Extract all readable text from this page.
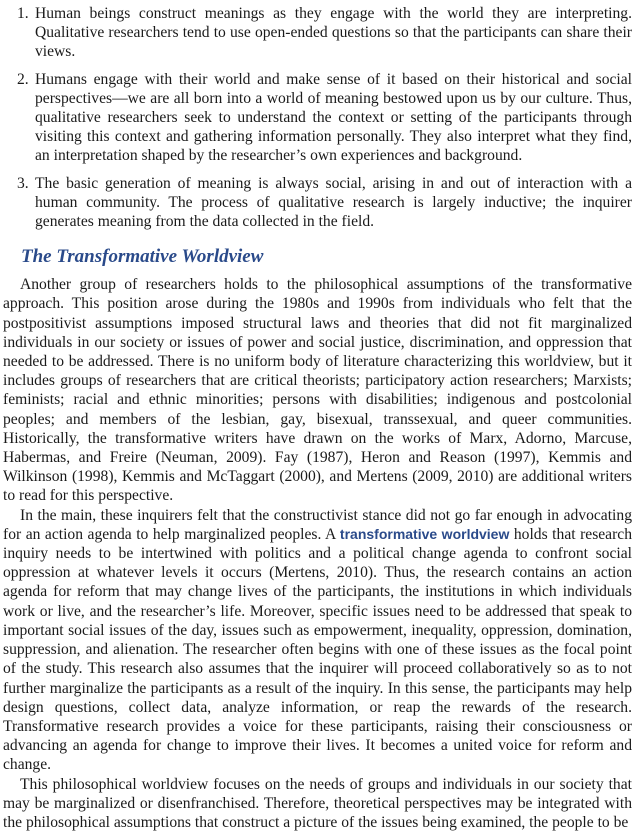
1. Human beings construct meanings as they engage with the world they are interpreting. Qualitative researchers tend to use open-ended questions so that the participants can share their views.
2. Humans engage with their world and make sense of it based on their historical and social perspectives—we are all born into a world of meaning bestowed upon us by our culture. Thus, qualitative researchers seek to understand the context or setting of the participants through visiting this context and gathering information personally. They also interpret what they find, an interpretation shaped by the researcher’s own experiences and background.
3. The basic generation of meaning is always social, arising in and out of interaction with a human community. The process of qualitative research is largely inductive; the inquirer generates meaning from the data collected in the field.
The Transformative Worldview

Another group of researchers holds to the philosophical assumptions of the transformative approach. This position arose during the 1980s and 1990s from individuals who felt that the postpositivist assumptions imposed structural laws and theories that did not fit marginalized individuals in our society or issues of power and social justice, discrimination, and oppression that needed to be addressed. There is no uniform body of literature characterizing this worldview, but it includes groups of researchers that are critical theorists; participatory action researchers; Marxists; feminists; racial and ethnic minorities; persons with disabilities; indigenous and postcolonial peoples; and members of the lesbian, gay, bisexual, transsexual, and queer communities. Historically, the transformative writers have drawn on the works of Marx, Adorno, Marcuse, Habermas, and Freire (Neuman, 2009). Fay (1987), Heron and Reason (1997), Kemmis and Wilkinson (1998), Kemmis and McTaggart (2000), and Mertens (2009, 2010) are additional writers to read for this perspective.

In the main, these inquirers felt that the constructivist stance did not go far enough in advocating for an action agenda to help marginalized peoples. A transformative worldview holds that research inquiry needs to be intertwined with politics and a political change agenda to confront social oppression at whatever levels it occurs (Mertens, 2010). Thus, the research contains an action agenda for reform that may change lives of the participants, the institutions in which individuals work or live, and the researcher’s life. Moreover, specific issues need to be addressed that speak to important social issues of the day, issues such as empowerment, inequality, oppression, domination, suppression, and alienation. The researcher often begins with one of these issues as the focal point of the study. This research also assumes that the inquirer will proceed collaboratively so as to not further marginalize the participants as a result of the inquiry. In this sense, the participants may help design questions, collect data, analyze information, or reap the rewards of the research. Transformative research provides a voice for these participants, raising their consciousness or advancing an agenda for change to improve their lives. It becomes a united voice for reform and change.

This philosophical worldview focuses on the needs of groups and individuals in our society that may be marginalized or disenfranchised. Therefore, theoretical perspectives may be integrated with the philosophical assumptions that construct a picture of the issues being examined, the people to be
